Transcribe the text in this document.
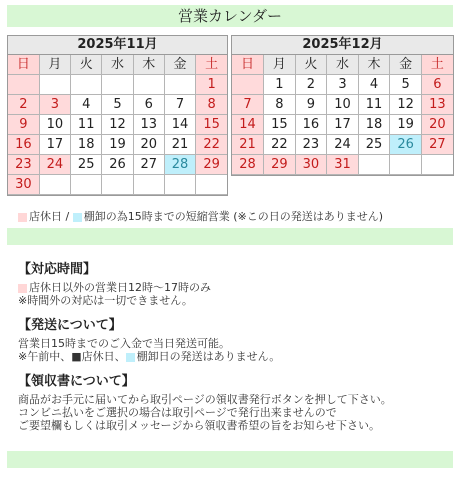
営業カレンダー
2025年11月
日	月	火	水	木	金	土
						1
2	3	4	5	6	7	8
9	10	11	12	13	14	15
16	17	18	19	20	21	22
23	24	25	26	27	28	29
30						
2025年12月
日	月	火	水	木	金	土
	1	2	3	4	5	6
7	8	9	10	11	12	13
14	15	16	17	18	19	20
21	22	23	24	25	26	27
28	29	30	31			
店休日 / 棚卸の為15時までの短縮営業 (※この日の発送はありません)
【対応時間】

店休日以外の営業日12時～17時のみ

※時間外の対応は一切できません。

【発送について】

営業日15時までのご入金で当日発送可能。

※午前中、■店休日、 棚卸日の発送はありません。

【領収書について】

商品がお手元に届いてから取引ページの領収書発行ボタンを押して下さい。

コンビニ払いをご選択の場合は取引ページで発行出来ませんので

ご要望欄もしくは取引メッセージから領収書希望の旨をお知らせ下さい。
